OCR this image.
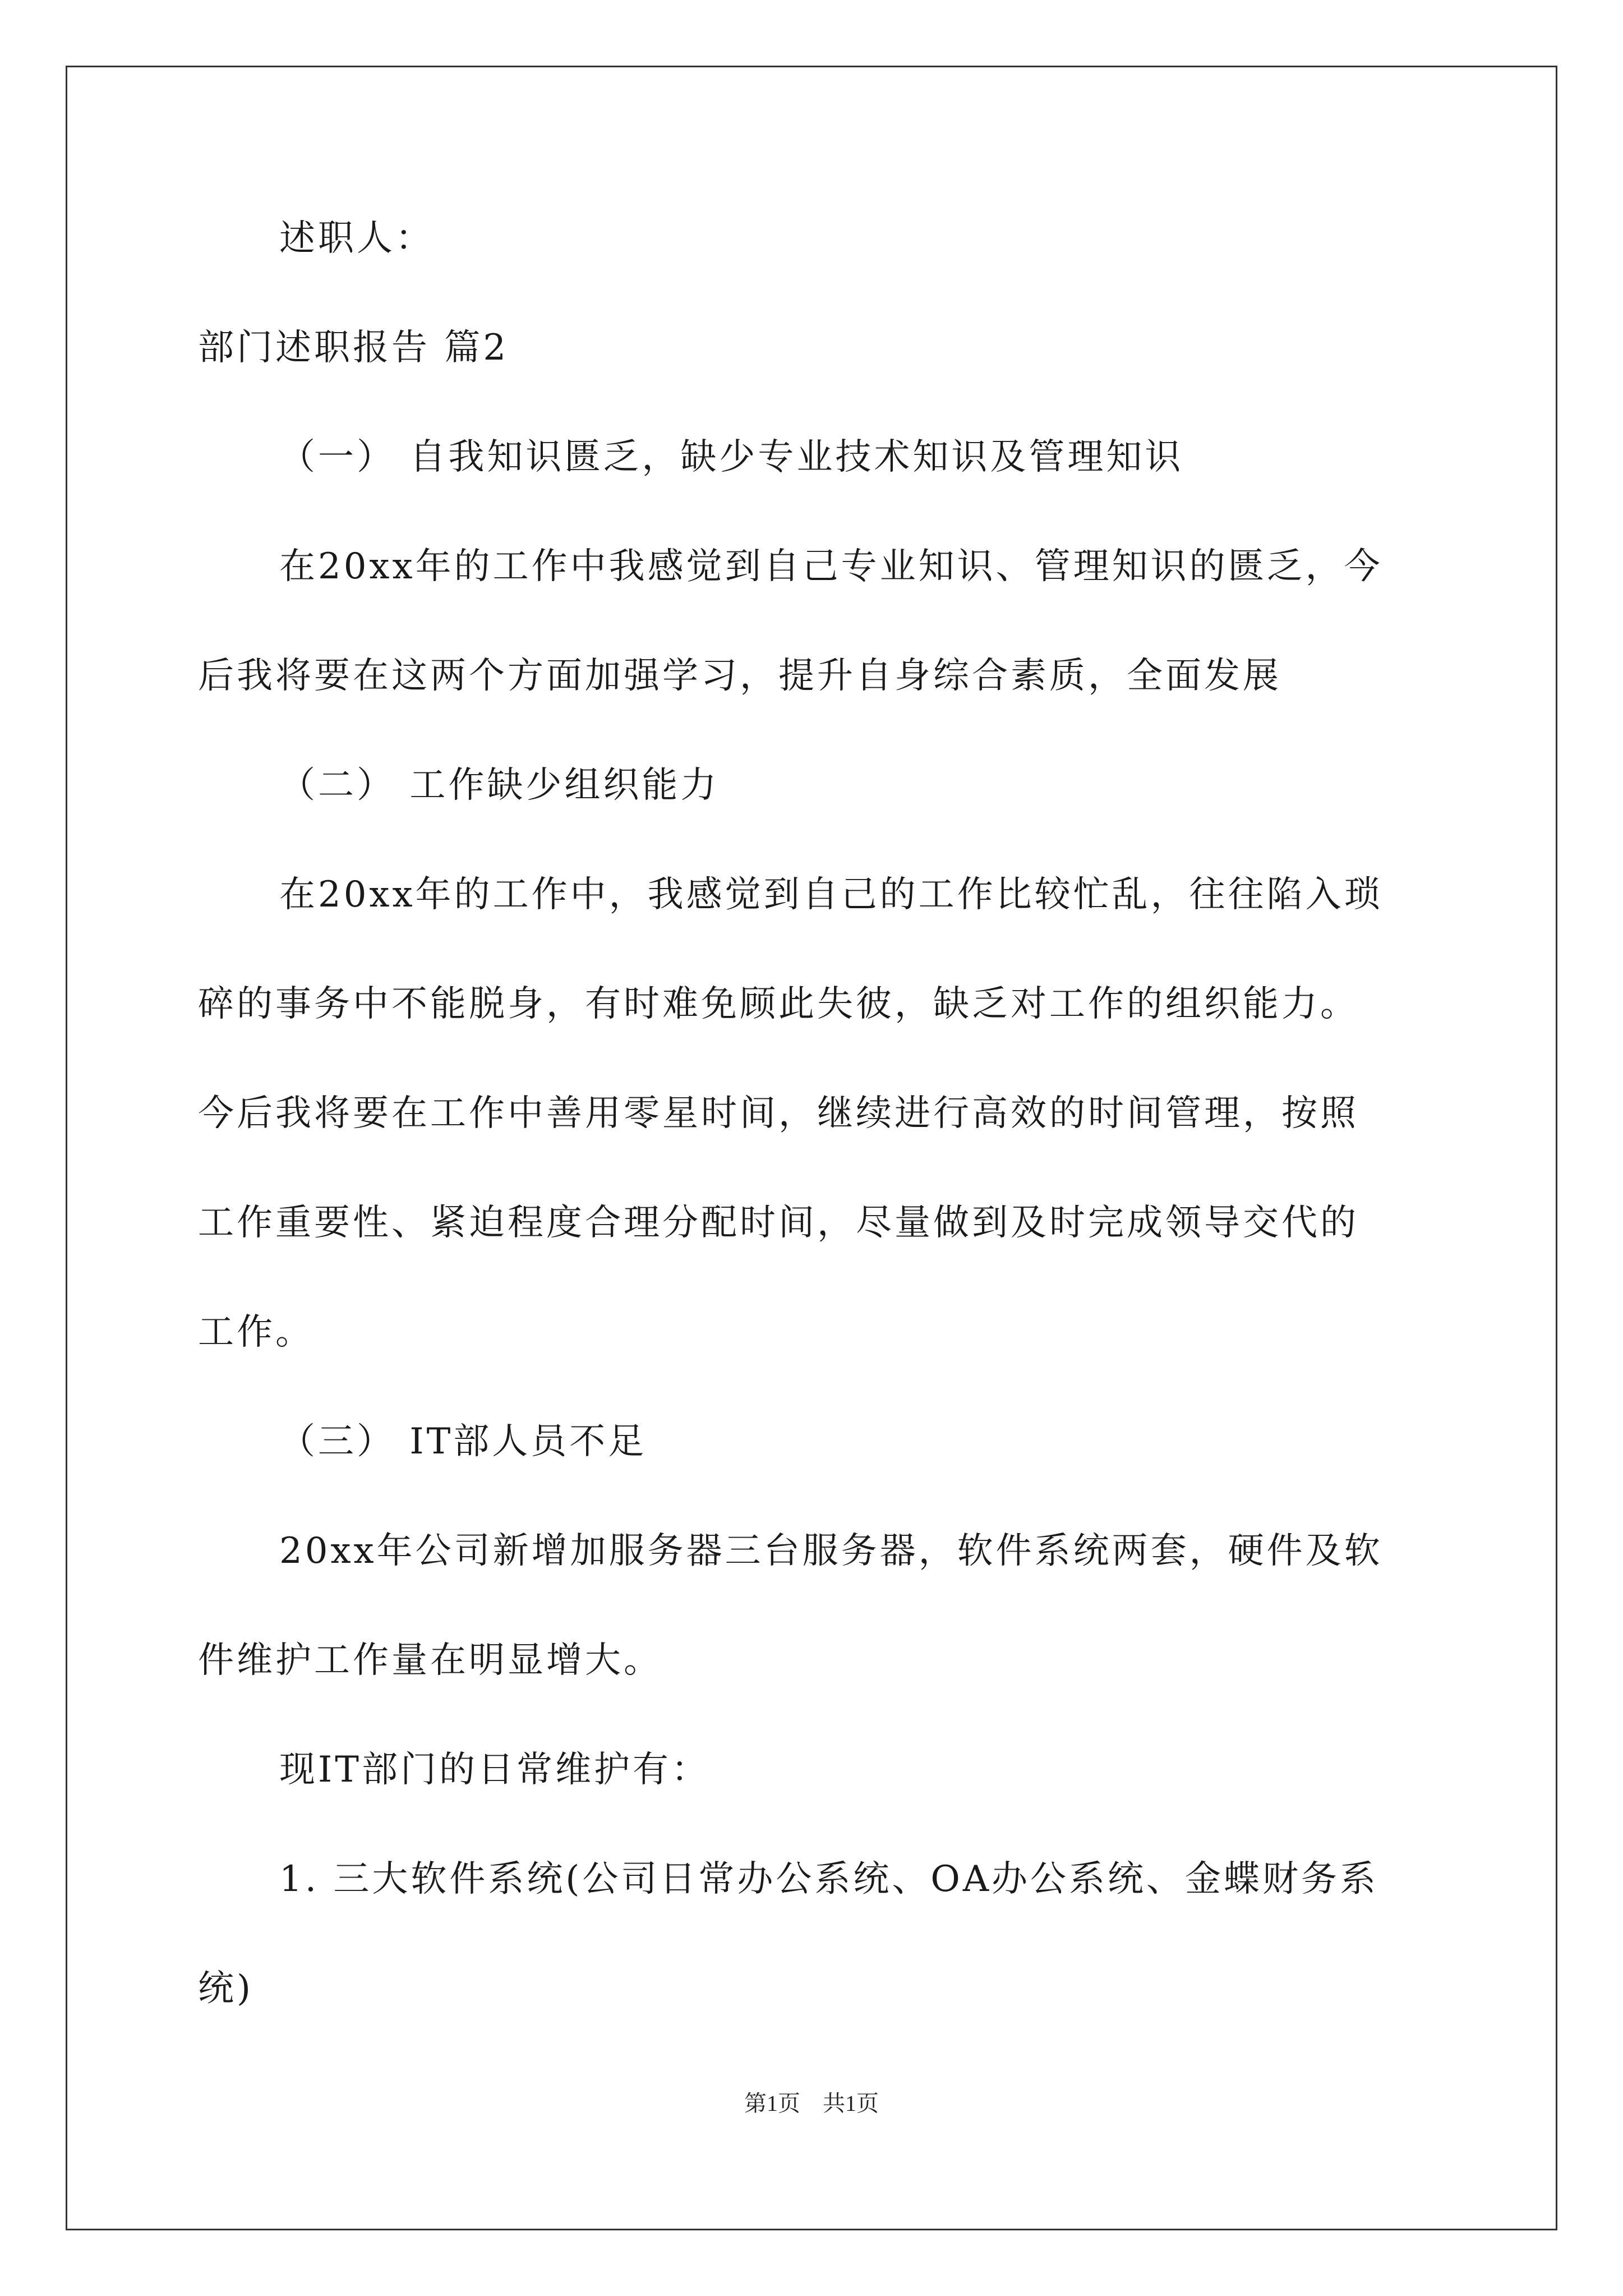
述职人：
部门述职报告 篇2
（一） 自我知识匮乏，缺少专业技术知识及管理知识
在20xx年的工作中我感觉到自己专业知识、管理知识的匮乏，今
后我将要在这两个方面加强学习，提升自身综合素质，全面发展
（二） 工作缺少组织能力
在20xx年的工作中，我感觉到自己的工作比较忙乱，往往陷入琐
碎的事务中不能脱身，有时难免顾此失彼，缺乏对工作的组织能力。
今后我将要在工作中善用零星时间，继续进行高效的时间管理，按照
工作重要性、紧迫程度合理分配时间，尽量做到及时完成领导交代的
工作。
（三） IT部人员不足
20xx年公司新增加服务器三台服务器，软件系统两套，硬件及软
件维护工作量在明显增大。
现IT部门的日常维护有：
1. 三大软件系统(公司日常办公系统、OA办公系统、金蝶财务系
统)
第1页　共1页
